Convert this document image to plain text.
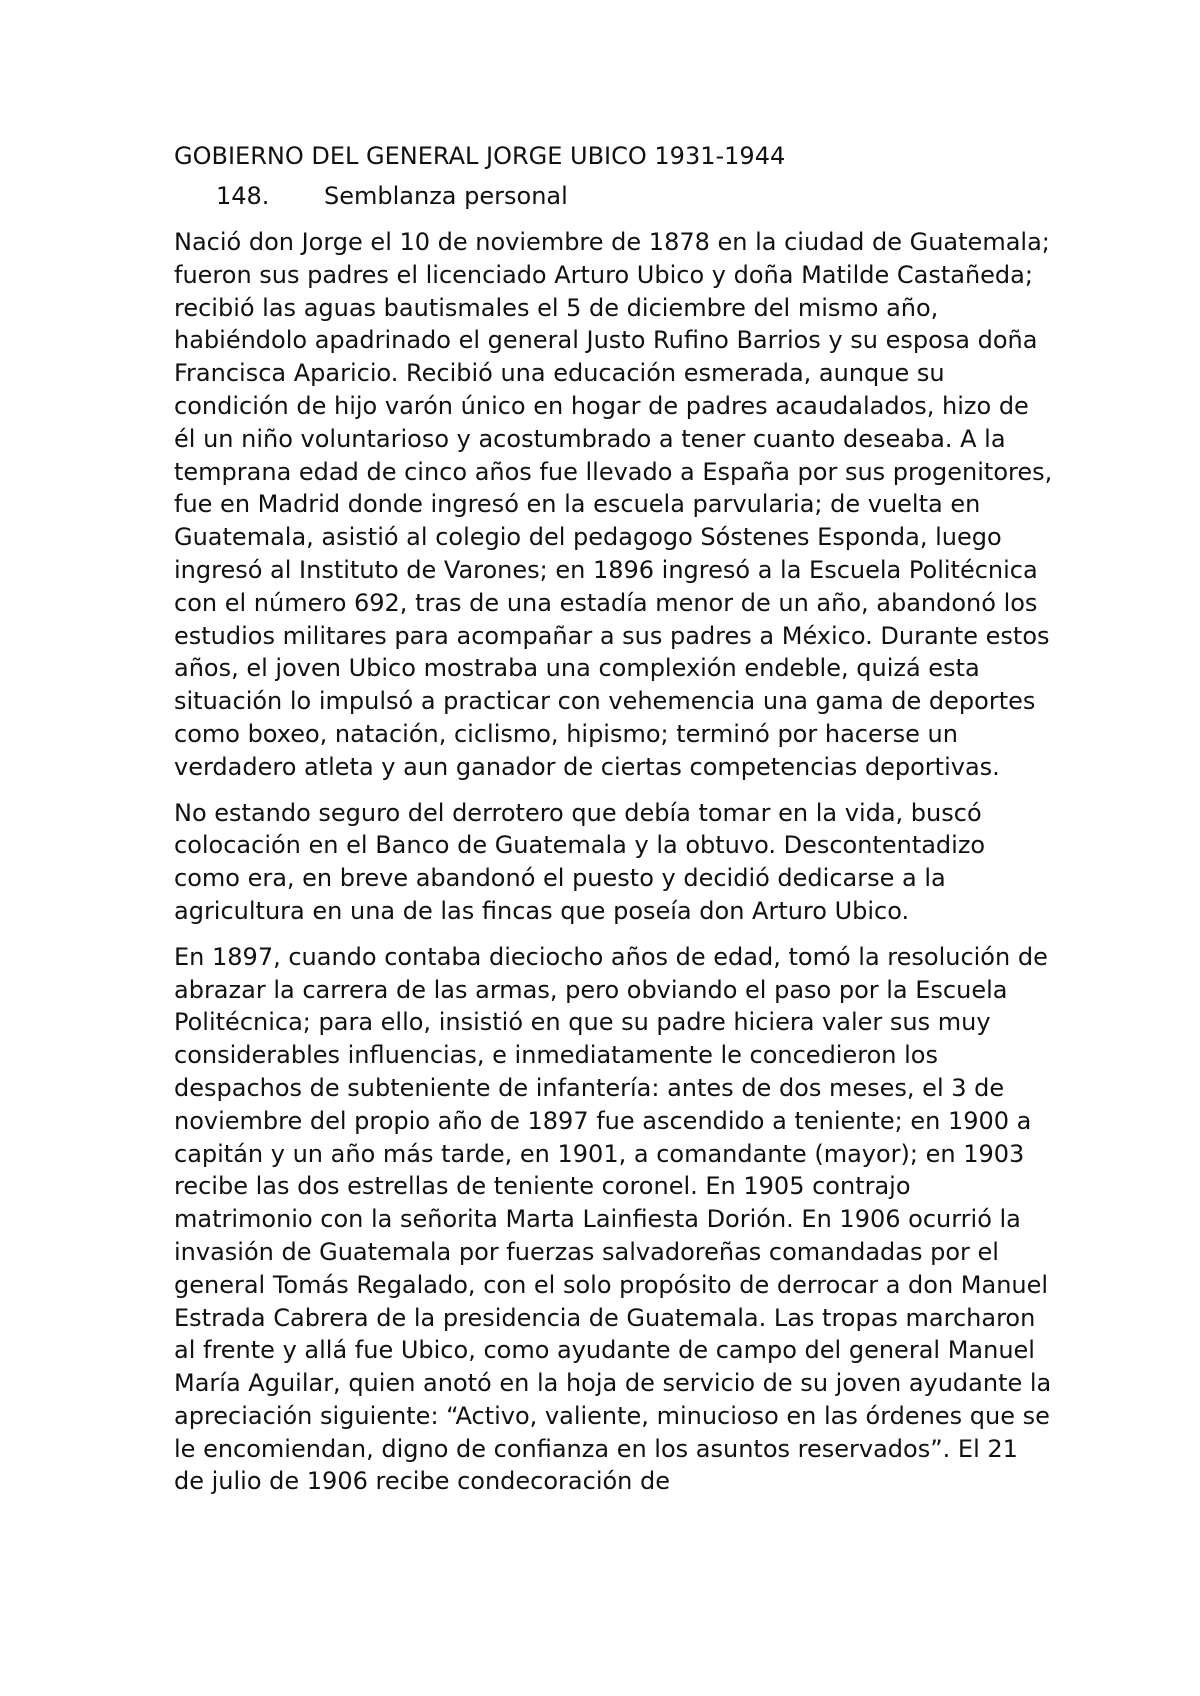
GOBIERNO DEL GENERAL JORGE UBICO 1931-1944
148. Semblanza personal

Nació don Jorge el 10 de noviembre de 1878 en la ciudad de Guatemala; fueron sus padres el licenciado Arturo Ubico y doña Matilde Castañeda; recibió las aguas bautismales el 5 de diciembre del mismo año, habiéndolo apadrinado el general Justo Rufino Barrios y su esposa doña Francisca Aparicio. Recibió una educación esmerada, aunque su condición de hijo varón único en hogar de padres acaudalados, hizo de él un niño voluntarioso y acostumbrado a tener cuanto deseaba. A la temprana edad de cinco años fue llevado a España por sus progenitores, fue en Madrid donde ingresó en la escuela parvularia; de vuelta en Guatemala, asistió al colegio del pedagogo Sóstenes Esponda, luego ingresó al Instituto de Varones; en 1896 ingresó a la Escuela Politécnica con el número 692, tras de una estadía menor de un año, abandonó los estudios militares para acompañar a sus padres a México. Durante estos años, el joven Ubico mostraba una complexión endeble, quizá esta situación lo impulsó a practicar con vehemencia una gama de deportes como boxeo, natación, ciclismo, hipismo; terminó por hacerse un verdadero atleta y aun ganador de ciertas competencias deportivas.

No estando seguro del derrotero que debía tomar en la vida, buscó colocación en el Banco de Guatemala y la obtuvo. Descontentadizo como era, en breve abandonó el puesto y decidió dedicarse a la agricultura en una de las fincas que poseía don Arturo Ubico.

En 1897, cuando contaba dieciocho años de edad, tomó la resolución de abrazar la carrera de las armas, pero obviando el paso por la Escuela Politécnica; para ello, insistió en que su padre hiciera valer sus muy considerables influencias, e inmediatamente le concedieron los despachos de subteniente de infantería: antes de dos meses, el 3 de noviembre del propio año de 1897 fue ascendido a teniente; en 1900 a capitán y un año más tarde, en 1901, a comandante (mayor); en 1903 recibe las dos estrellas de teniente coronel. En 1905 contrajo matrimonio con la señorita Marta Lainfiesta Dorión. En 1906 ocurrió la invasión de Guatemala por fuerzas salvadoreñas comandadas por el general Tomás Regalado, con el solo propósito de derrocar a don Manuel Estrada Cabrera de la presidencia de Guatemala. Las tropas marcharon al frente y allá fue Ubico, como ayudante de campo del general Manuel María Aguilar, quien anotó en la hoja de servicio de su joven ayudante la apreciación siguiente: “Activo, valiente, minucioso en las órdenes que se le encomiendan, digno de confianza en los asuntos reservados”. El 21 de julio de 1906 recibe condecoración de
